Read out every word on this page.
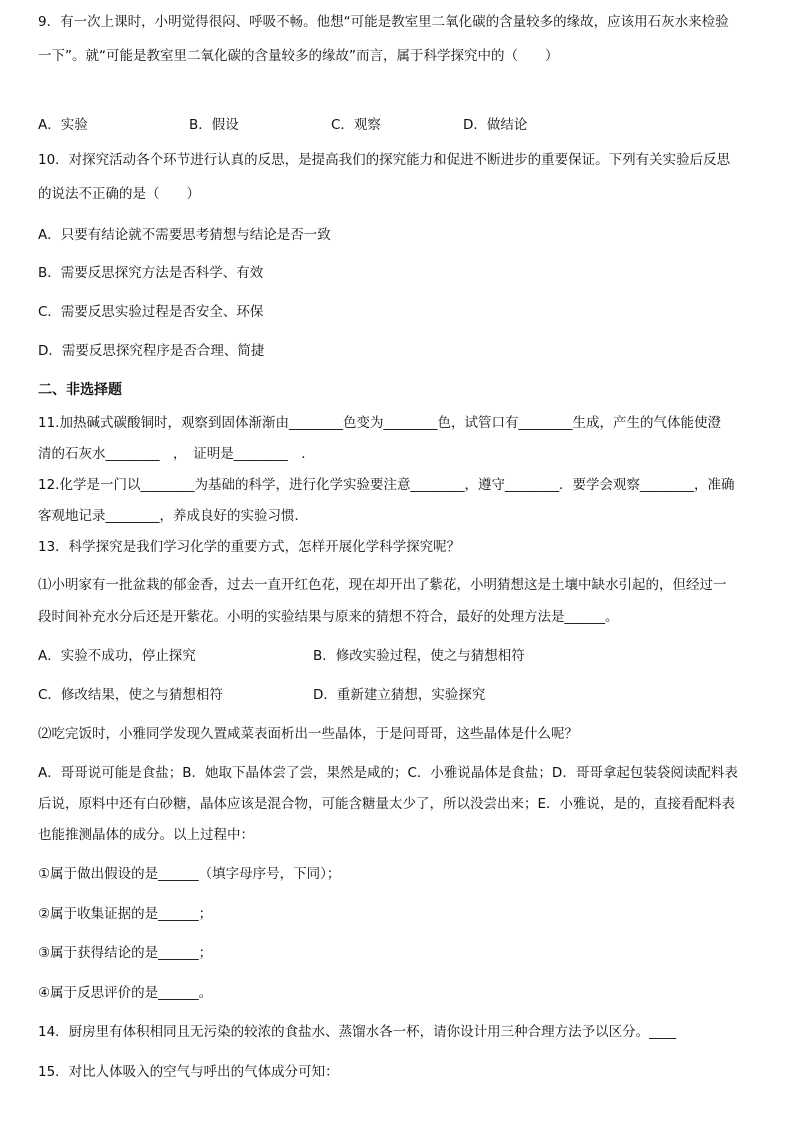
9．有一次上课时，小明觉得很闷、呼吸不畅。他想“可能是教室里二氧化碳的含量较多的缘故，应该用石灰水来检验
一下”。就“可能是教室里二氧化碳的含量较多的缘故”而言，属于科学探究中的（　　）
A．实验	B．假设	C．观察	D．做结论
10．对探究活动各个环节进行认真的反思，是提高我们的探究能力和促进不断进步的重要保证。下列有关实验后反思
的说法不正确的是（　　）
A．只要有结论就不需要思考猜想与结论是否一致
B．需要反思探究方法是否科学、有效
C．需要反思实验过程是否安全、环保
D．需要反思探究程序是否合理、简捷
二、非选择题
11.加热碱式碳酸铜时，观察到固体渐渐由________色变为________色，试管口有________生成，产生的气体能使澄
清的石灰水________　，　证明是________　.
12.化学是一门以________为基础的科学，进行化学实验要注意________，遵守________．要学会观察________，准确
客观地记录________，养成良好的实验习惯．
13．科学探究是我们学习化学的重要方式，怎样开展化学科学探究呢？
⑴小明家有一批盆栽的郁金香，过去一直开红色花，现在却开出了紫花，小明猜想这是土壤中缺水引起的，但经过一
段时间补充水分后还是开紫花。小明的实验结果与原来的猜想不符合，最好的处理方法是______。
A．实验不成功，停止探究	B．修改实验过程，使之与猜想相符
C．修改结果，使之与猜想相符	D．重新建立猜想，实验探究
⑵吃完饭时，小雅同学发现久置咸菜表面析出一些晶体，于是问哥哥，这些晶体是什么呢？
A．哥哥说可能是食盐；B．她取下晶体尝了尝，果然是咸的；C．小雅说晶体是食盐；D．哥哥拿起包装袋阅读配料表
后说，原料中还有白砂糖，晶体应该是混合物，可能含糖量太少了，所以没尝出来；E．小雅说，是的，直接看配料表
也能推测晶体的成分。以上过程中：
①属于做出假设的是______（填字母序号，下同）；
②属于收集证据的是______；
③属于获得结论的是______；
④属于反思评价的是______。
14．厨房里有体积相同且无污染的较浓的食盐水、蒸馏水各一杯，请你设计用三种合理方法予以区分。____
15．对比人体吸入的空气与呼出的气体成分可知：
